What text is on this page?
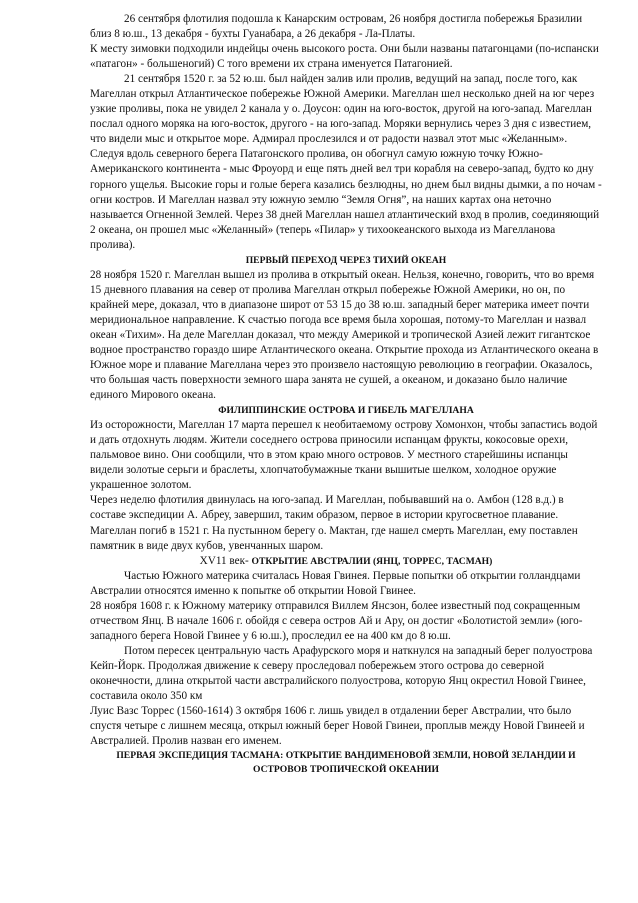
26 сентября флотилия подошла к Канарским островам, 26 ноября достигла побережья Бразилии близ 8 ю.ш., 13 декабря - бухты Гуанабара, а 26 декабря - Ла-Платы.

К месту зимовки подходили индейцы очень высокого роста. Они были названы патагонцами (по-испански «патагон» - большеногий) С того времени их страна именуется Патагонией.

21 сентября 1520 г. за 52 ю.ш. был найден залив или пролив, ведущий на запад, после того, как Магеллан открыл Атлантическое побережье Южной Америки. Магеллан шел несколько дней на юг через узкие проливы, пока не увидел 2 канала у о. Доусон: один на юго-восток, другой на юго-запад. Магеллан послал одного моряка на юго-восток, другого - на юго-запад. Моряки вернулись через 3 дня с известием, что видели мыс и открытое море. Адмирал прослезился и от радости назвал этот мыс «Желанным». Следуя вдоль северного берега Патагонского пролива, он обогнул самую южную точку Южно-Американского континента - мыс Фроуорд и еще пять дней вел три корабля на северо-запад, будто ко дну горного ущелья. Высокие горы и голые берега казались безлюдны, но днем был видны дымки, а по ночам - огни костров. И Магеллан назвал эту южную землю “Земля Огня”, на наших картах она неточно называется Огненной Землей. Через 38 дней Магеллан нашел атлантический вход в пролив, соединяющий 2 океана, он прошел мыс «Желанный» (теперь «Пилар» у тихоокеанского выхода из Магелланова пролива).

ПЕРВЫЙ ПЕРЕХОД ЧЕРЕЗ ТИХИЙ ОКЕАН

28 ноября 1520 г. Магеллан вышел из пролива в открытый океан. Нельзя, конечно, говорить, что во время 15 дневного плавания на север от пролива Магеллан открыл побережье Южной Америки, но он, по крайней мере, доказал, что в диапазоне широт от 53 15 до 38 ю.ш. западный берег материка имеет почти меридиональное направление. К счастью погода все время была хорошая, потому-то Магеллан и назвал океан «Тихим». На деле Магеллан доказал, что между Америкой и тропической Азией лежит гигантское водное пространство гораздо шире Атлантического океана. Открытие прохода из Атлантического океана в Южное море и плавание Магеллана через это произвело настоящую революцию в географии. Оказалось, что большая часть поверхности земного шара занята не сушей, а океаном, и доказано было наличие единого Мирового океана.

ФИЛИППИНСКИЕ ОСТРОВА И ГИБЕЛЬ МАГЕЛЛАНА

Из осторожности, Магеллан 17 марта перешел к необитаемому острову Хомонхон, чтобы запастись водой и дать отдохнуть людям. Жители соседнего острова приносили испанцам фрукты, кокосовые орехи, пальмовое вино. Они сообщили, что в этом краю много островов. У местного старейшины испанцы видели золотые серьги и браслеты, хлопчатобумажные ткани вышитые шелком, холодное оружие украшенное золотом.

Через неделю флотилия двинулась на юго-запад. И Магеллан, побывавший на о. Амбон (128 в.д.) в составе экспедиции А. Абреу, завершил, таким образом, первое в истории кругосветное плавание.

Магеллан погиб в 1521 г. На пустынном берегу о. Мактан, где нашел смерть Магеллан, ему поставлен памятник в виде двух кубов, увенчанных шаром.

XV11 век- ОТКРЫТИЕ АВСТРАЛИИ (ЯНЦ, ТОРРЕС, ТАСМАН)

Частью Южного материка считалась Новая Гвинея. Первые попытки об открытии голландцами Австралии относятся именно к попытке об открытии Новой Гвинее.

28 ноября 1608 г. к Южному материку отправился Виллем Янсзон, более известный под сокращенным отчеством Янц. В начале 1606 г. обойдя с севера остров Ай и Ару, он достиг «Болотистой земли» (юго-западного берега Новой Гвинее у 6 ю.ш.), проследил ее на 400 км до 8 ю.ш.

Потом пересек центральную часть Арафурского моря и наткнулся на западный берег полуострова Кейп-Йорк. Продолжая движение к северу проследовал побережьем этого острова до северной оконечности, длина открытой части австралийского полуострова, которую Янц окрестил Новой Гвинее, составила около 350 км

Луис Вазс Торрес (1560-1614) 3 октября 1606 г. лишь увидел в отдалении берег Австралии, что было спустя четыре с лишнем месяца, открыл южный берег Новой Гвинеи, проплыв между Новой Гвинеей и Австралией. Пролив назван его именем.

ПЕРВАЯ ЭКСПЕДИЦИЯ ТАСМАНА: ОТКРЫТИЕ ВАНДИМЕНОВОЙ ЗЕМЛИ, НОВОЙ ЗЕЛАНДИИ И ОСТРОВОВ ТРОПИЧЕСКОЙ ОКЕАНИИ
